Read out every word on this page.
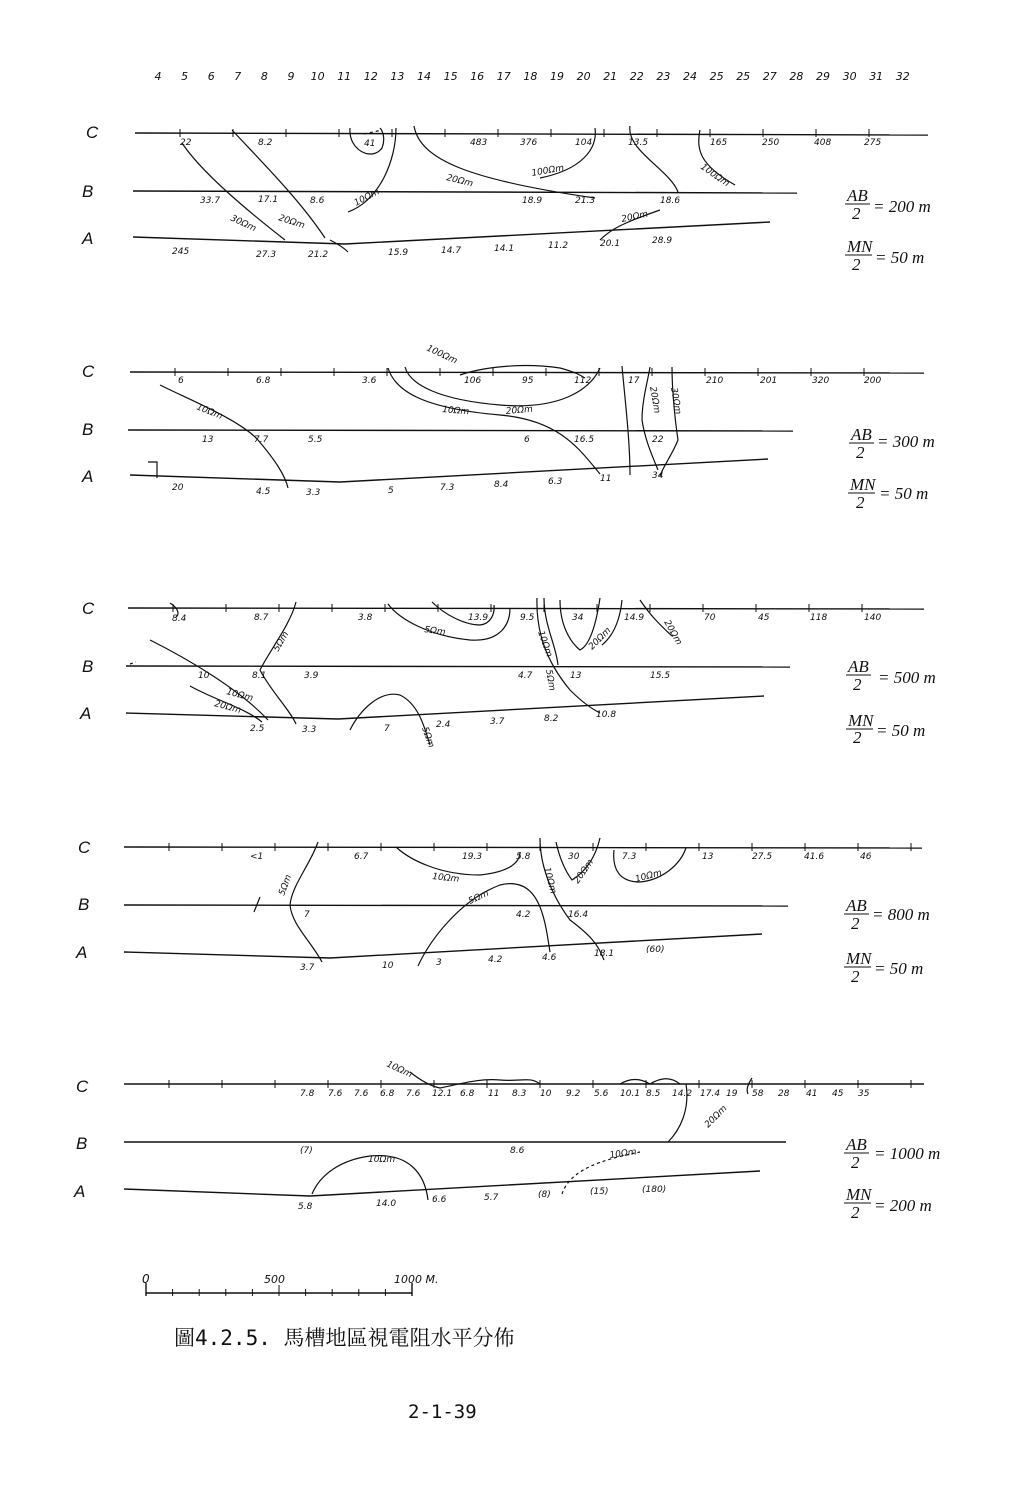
4 5 6 7 8 9 10 11 12 13 14 15 16 17 18 19 20 21 22 23 24 25 25 27 28 29 30 31 32
C
B
A
22	8.2	41	483	376	104	13.5	165	250	408	275
33.7	17.1	8.6	18.9	21.3	18.6
245	27.3	21.2	15.9	14.7	14.1	11.2	20.1	28.9
30Ωm 20Ωm
10Ωm
20Ωm
100Ωm	100Ωm
20Ωm
AB
2 = 200 m
MN
2 = 50 m
C
B
A
6	6.8	3.6	106	95	112	17	210	201	320	200
13	7.7	5.5	6	16.5	22
20	4.5	3.3	5	7.3	8.4	6.3	11	34
10Ωm
100Ωm
10Ωm	20Ωm	20Ωm 30Ωm
AB
2
= 300 m
MN
2 = 50 m
C
B
A
8.4	8.7	3.8	13.9	9.5	34	14.9	70	45	118	140
10	8.1	3.9	4.7	13	15.5
2.5	3.3	7	2.4	3.7	8.2	10.8
5Ωm	5Ωm
10Ωm
20Ωm
10Ωm
5Ωm
20Ωm	20Ωm
5Ωm
AB
2 = 500 m
MN
2 = 50 m
C
B
A
<1	6.7	19.3	5.8	30	7.3	13	27.5	41.6	46
7	4.2	16.4
3.7	10	3	4.2	4.6	18.1	(60)
5Ωm	10Ωm
5Ωm
10Ωm 20Ωm	10Ωm
AB
2 = 800 m
MN
2 = 50 m
C
B
A
7.8 7.6 7.6 6.8 7.6 12.1 6.8 11 8.3 10 9.2 5.6 10.1 8.5 14.2 17.4 19 58 28 41 45 35
(7)	8.6
5.8	14.0	6.6	5.7	(8)	(15)	(180)
10Ωm
20Ωm
10Ωm	10Ωm
AB
2 = 1000 m
MN
2 = 200 m
0	500	1000 M.
圖4.2.5. 馬槽地區視電阻水平分佈
2-1-39
